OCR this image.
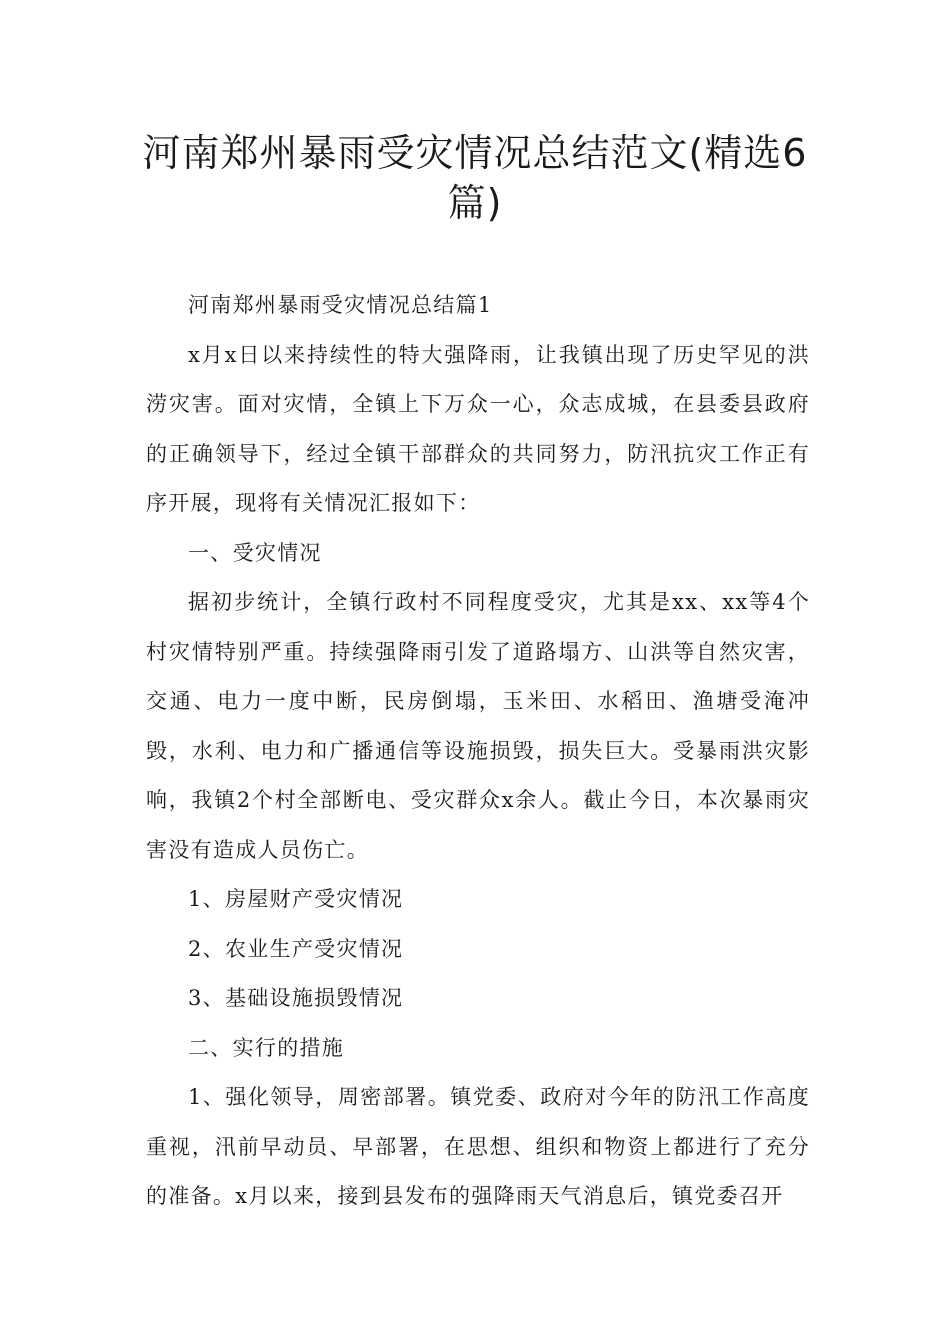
河南郑州暴雨受灾情况总结范文(精选6篇)

河南郑州暴雨受灾情况总结篇1

x月x日以来持续性的特大强降雨，让我镇出现了历史罕见的洪涝灾害。面对灾情，全镇上下万众一心，众志成城，在县委县政府的正确领导下，经过全镇干部群众的共同努力，防汛抗灾工作正有序开展，现将有关情况汇报如下：

一、受灾情况

据初步统计，全镇行政村不同程度受灾，尤其是xx、xx等4个村灾情特别严重。持续强降雨引发了道路塌方、山洪等自然灾害，交通、电力一度中断，民房倒塌，玉米田、水稻田、渔塘受淹冲毁，水利、电力和广播通信等设施损毁，损失巨大。受暴雨洪灾影响，我镇2个村全部断电、受灾群众x余人。截止今日，本次暴雨灾害没有造成人员伤亡。

1、房屋财产受灾情况

2、农业生产受灾情况

3、基础设施损毁情况

二、实行的措施

1、强化领导，周密部署。镇党委、政府对今年的防汛工作高度重视，汛前早动员、早部署，在思想、组织和物资上都进行了充分的准备。x月以来，接到县发布的强降雨天气消息后，镇党委召开
